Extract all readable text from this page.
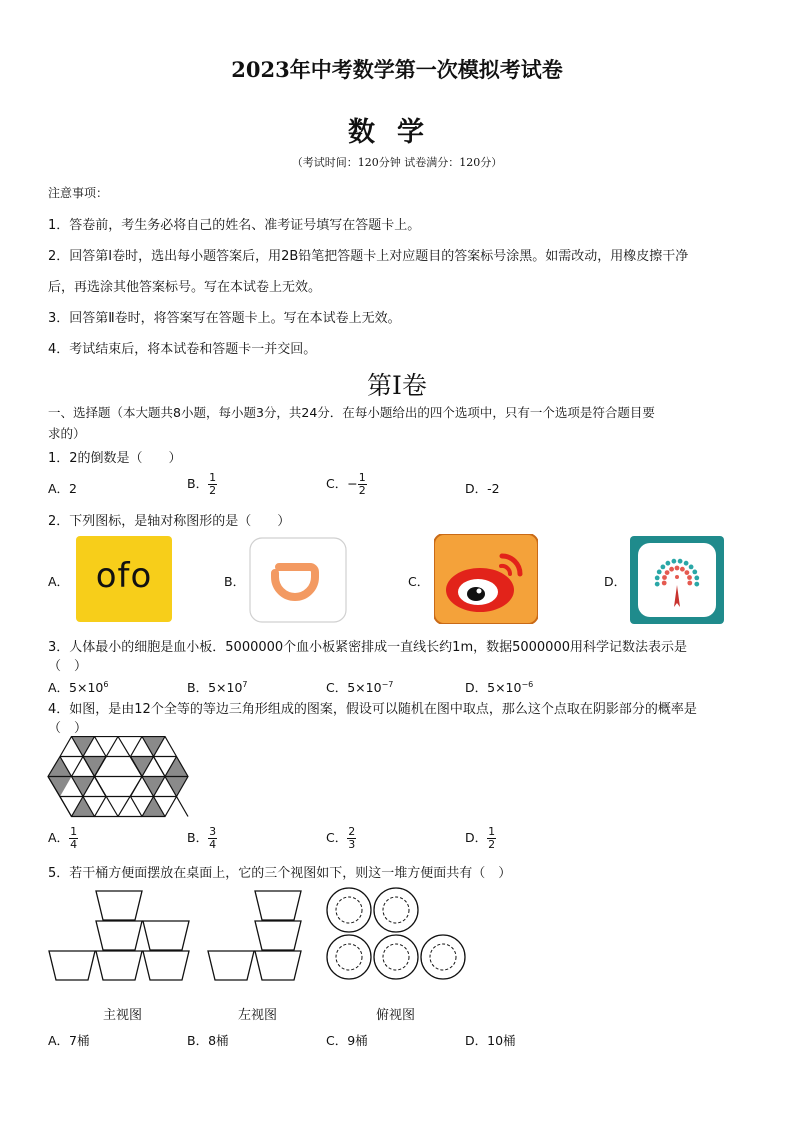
2023年中考数学第一次模拟考试卷
数学
（考试时间：120分钟 试卷满分：120分）
注意事项：
1．答卷前，考生务必将自己的姓名、准考证号填写在答题卡上。
2．回答第Ⅰ卷时，选出每小题答案后，用2B铅笔把答题卡上对应题目的答案标号涂黑。如需改动，用橡皮擦干净
后，再选涂其他答案标号。写在本试卷上无效。
3．回答第Ⅱ卷时，将答案写在答题卡上。写在本试卷上无效。
4．考试结束后，将本试卷和答题卡一并交回。
第Ⅰ卷
一、选择题（本大题共8小题，每小题3分，共24分．在每小题给出的四个选项中，只有一个选项是符合题目要
求的）
1．2的倒数是（　　）
A．2	B． $\frac{1}{2}$	C．− $\frac{1}{2}$	D．-2
2．下列图标，是轴对称图形的是（　　）
A． ofo	B．	C．	D．
3．人体最小的细胞是血小板．5000000个血小板紧密排成一直线长约1m，数据5000000用科学记数法表示是
（　）
A．$5\times 10^6$	B．$5\times 10^7$	C．$5\times 10^{-7}$	D．$5\times 10^{-6}$
4．如图，是由12个全等的等边三角形组成的图案，假设可以随机在图中取点，那么这个点取在阴影部分的概率是
（　）
A． $\frac{1}{4}$	B． $\frac{3}{4}$	C． $\frac{2}{3}$	D． $\frac{1}{2}$
5．若干桶方便面摆放在桌面上，它的三个视图如下，则这一堆方便面共有（　）
主视图	左视图	俯视图
A．7桶	B．8桶	C．9桶	D．10桶
